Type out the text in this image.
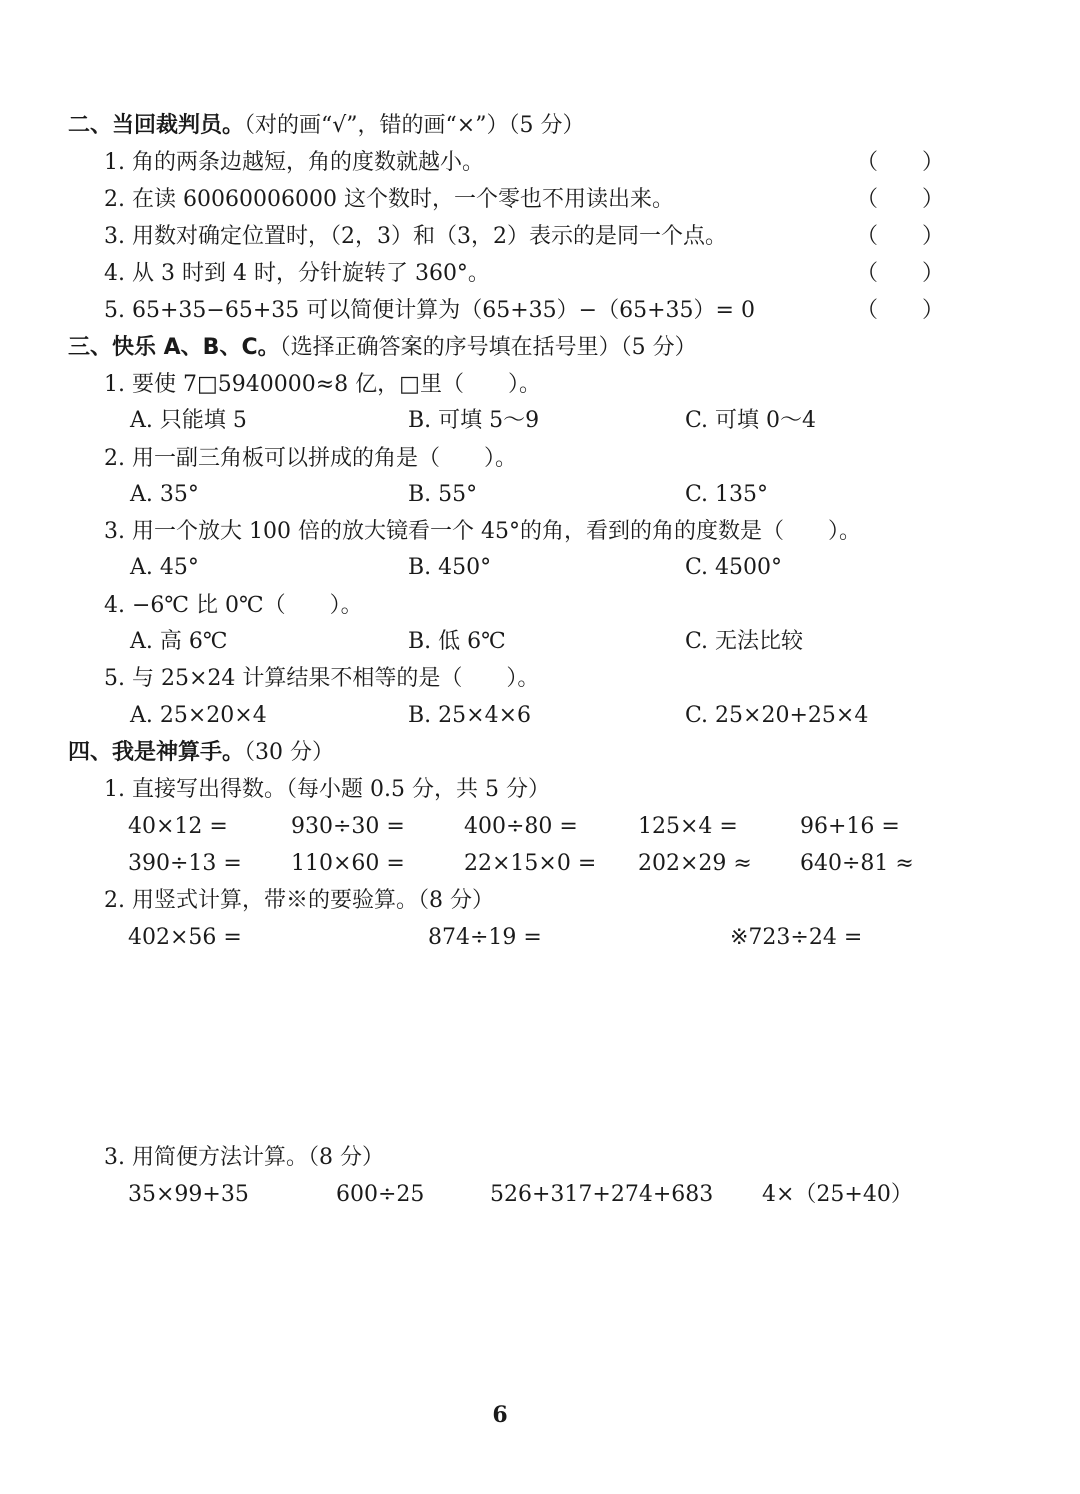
二、当回裁判员。（对的画“√”，错的画“×”）（5 分）
1. 角的两条边越短，角的度数就越小。	（　　）
2. 在读 60060006000 这个数时，一个零也不用读出来。	（　　）
3. 用数对确定位置时，（2，3）和（3，2）表示的是同一个点。	（　　）
4. 从 3 时到 4 时，分针旋转了 360°。	（　　）
5. 65+35−65+35 可以简便计算为（65+35）−（65+35）= 0	（　　）
三、快乐 A、B、C。（选择正确答案的序号填在括号里）（5 分）
1. 要使 7□5940000≈8 亿，□里（　　）。
A. 只能填 5	B. 可填 5～9	C. 可填 0～4
2. 用一副三角板可以拼成的角是（　　）。
A. 35°	B. 55°	C. 135°
3. 用一个放大 100 倍的放大镜看一个 45°的角，看到的角的度数是（　　）。
A. 45°	B. 450°	C. 4500°
4. −6℃ 比 0℃（　　）。
A. 高 6℃	B. 低 6℃	C. 无法比较
5. 与 25×24 计算结果不相等的是（　　）。
A. 25×20×4	B. 25×4×6	C. 25×20+25×4
四、我是神算手。（30 分）
1. 直接写出得数。（每小题 0.5 分，共 5 分）
40×12 =	930÷30 =	400÷80 =	125×4 =	96+16 =
390÷13 = 110×60 =	22×15×0 = 202×29 ≈ 640÷81 ≈
2. 用竖式计算，带※的要验算。（8 分）
402×56 =	874÷19 =	※723÷24 =
3. 用简便方法计算。（8 分）
35×99+35	600÷25	526+317+274+683 4×（25+40）
6
